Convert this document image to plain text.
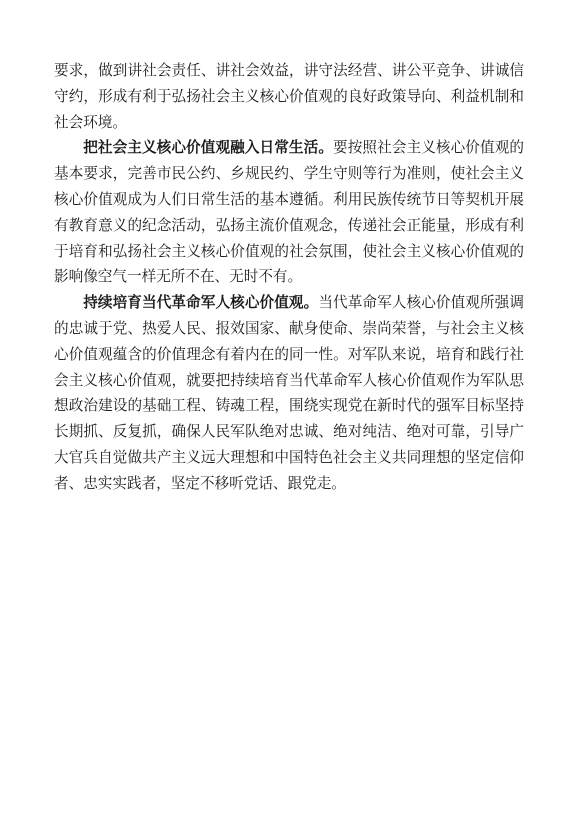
要求，做到讲社会责任、讲社会效益，讲守法经营、讲公平竞争、讲诚信守约，形成有利于弘扬社会主义核心价值观的良好政策导向、利益机制和社会环境。

把社会主义核心价值观融入日常生活。要按照社会主义核心价值观的基本要求，完善市民公约、乡规民约、学生守则等行为准则，使社会主义核心价值观成为人们日常生活的基本遵循。利用民族传统节日等契机开展有教育意义的纪念活动，弘扬主流价值观念，传递社会正能量，形成有利于培育和弘扬社会主义核心价值观的社会氛围，使社会主义核心价值观的影响像空气一样无所不在、无时不有。

持续培育当代革命军人核心价值观。当代革命军人核心价值观所强调的忠诚于党、热爱人民、报效国家、献身使命、崇尚荣誉，与社会主义核心价值观蕴含的价值理念有着内在的同一性。对军队来说，培育和践行社会主义核心价值观，就要把持续培育当代革命军人核心价值观作为军队思想政治建设的基础工程、铸魂工程，围绕实现党在新时代的强军目标坚持长期抓、反复抓，确保人民军队绝对忠诚、绝对纯洁、绝对可靠，引导广大官兵自觉做共产主义远大理想和中国特色社会主义共同理想的坚定信仰者、忠实实践者，坚定不移听党话、跟党走。
